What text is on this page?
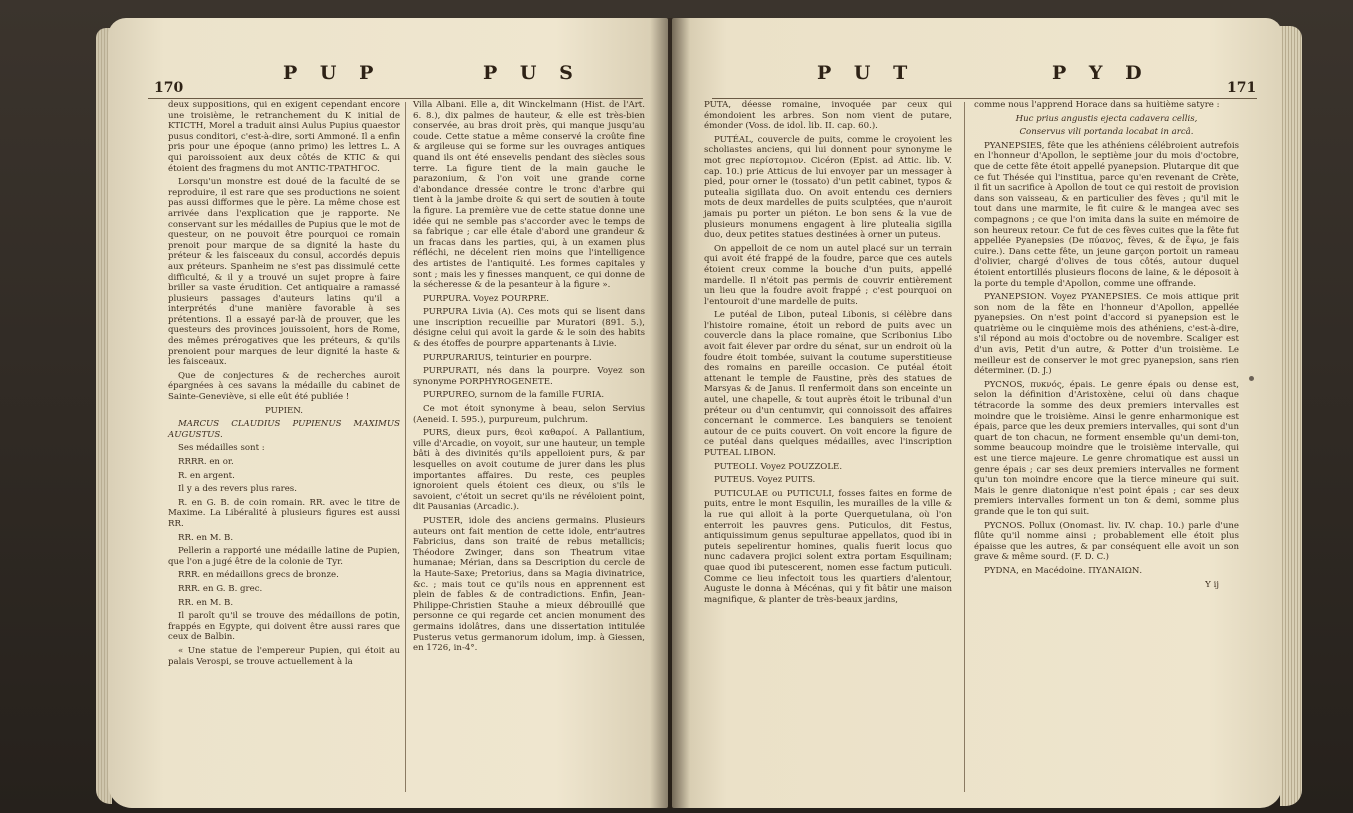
170
P U P	P U S

deux suppositions, qui en exigent cependant encore une troisième, le retranchement du K initial de KTICTH, Morel a traduit ainsi Aulus Pupius quaestor pusus conditori, c'est-à-dire, sorti Ammoné. Il a enfin pris pour une époque (anno primo) les lettres L. A qui paroissoient aux deux côtés de KTIC & qui étoient des fragmens du mot ANTIC-TPATHΓOC.

Lorsqu'un monstre est doué de la faculté de se reproduire, il est rare que ses productions ne soient pas aussi difformes que le père. La même chose est arrivée dans l'explication que je rapporte. Ne conservant sur les médailles de Pupius que le mot de questeur, on ne pouvoit être pourquoi ce romain prenoit pour marque de sa dignité la haste du préteur & les faisceaux du consul, accordés depuis aux préteurs. Spanheim ne s'est pas dissimulé cette difficulté, & il y a trouvé un sujet propre à faire briller sa vaste érudition. Cet antiquaire a ramassé plusieurs passages d'auteurs latins qu'il a interprétés d'une manière favorable à ses prétentions. Il a essayé par-là de prouver, que les questeurs des provinces jouissoient, hors de Rome, des mêmes prérogatives que les préteurs, & qu'ils prenoient pour marques de leur dignité la haste & les faisceaux.

Que de conjectures & de recherches auroit épargnées à ces savans la médaille du cabinet de Sainte-Geneviève, si elle eût été publiée !

PUPIEN.

MARCUS CLAUDIUS PUPIENUS MAXIMUS AUGUSTUS.

Ses médailles sont :

RRRR. en or.

R. en argent.

Il y a des revers plus rares.

R. en G. B. de coin romain. RR. avec le titre de Maxime. La Libéralité à plusieurs figures est aussi RR.

RR. en M. B.

Pellerin a rapporté une médaille latine de Pupien, que l'on a jugé être de la colonie de Tyr.

RRR. en médaillons grecs de bronze.

RRR. en G. B. grec.

RR. en M. B.

Il paroît qu'il se trouve des médaillons de potin, frappés en Egypte, qui doivent être aussi rares que ceux de Balbin.

« Une statue de l'empereur Pupien, qui étoit au palais Verospi, se trouve actuellement à la

Villa Albani. Elle a, dit Winckelmann (Hist. de l'Art. 6. 8.), dix palmes de hauteur, & elle est très-bien conservée, au bras droit près, qui manque jusqu'au coude. Cette statue a même conservé la croûte fine & argileuse qui se forme sur les ouvrages antiques quand ils ont été ensevelis pendant des siècles sous terre. La figure tient de la main gauche le parazonium, & l'on voit une grande corne d'abondance dressée contre le tronc d'arbre qui tient à la jambe droite & qui sert de soutien à toute la figure. La première vue de cette statue donne une idée qui ne semble pas s'accorder avec le temps de sa fabrique ; car elle étale d'abord une grandeur & un fracas dans les parties, qui, à un examen plus réfléchi, ne décelent rien moins que l'intelligence des artistes de l'antiquité. Les formes capitales y sont ; mais les y finesses manquent, ce qui donne de la sécheresse & de la pesanteur à la figure ».

PURPURA. Voyez POURPRE.

PURPURA Livia (A). Ces mots qui se lisent dans une inscription recueillie par Muratori (891. 5.), désigne celui qui avoit la garde & le soin des habits & des étoffes de pourpre appartenants à Livie.

PURPURARIUS, teinturier en pourpre.

PURPURATI, nés dans la pourpre. Voyez son synonyme PORPHYROGENETE.

PURPUREO, surnom de la famille FURIA.

Ce mot étoit synonyme à beau, selon Servius (Aeneid. I. 595.), purpureum, pulchrum.

PURS, dieux purs, θεοὶ καθαροί. A Pallantium, ville d'Arcadie, on voyoit, sur une hauteur, un temple bâti à des divinités qu'ils appelloient purs, & par lesquelles on avoit coutume de jurer dans les plus importantes affaires. Du reste, ces peuples ignoroient quels étoient ces dieux, ou s'ils le savoient, c'étoit un secret qu'ils ne révéloient point, dit Pausanias (Arcadic.).

PUSTER, idole des anciens germains. Plusieurs auteurs ont fait mention de cette idole, entr'autres Fabricius, dans son traité de rebus metallicis; Théodore Zwinger, dans son Theatrum vitae humanae; Mérian, dans sa Description du cercle de la Haute-Saxe; Pretorius, dans sa Magia divinatrice, &c. ; mais tout ce qu'ils nous en apprennent est plein de fables & de contradictions. Enfin, Jean-Philippe-Christien Stauhe a mieux débrouillé que personne ce qui regarde cet ancien monument des germains idolâtres, dans une dissertation intitulée Pusterus vetus germanorum idolum, imp. à Giessen, en 1726, in-4°.

P U T	P Y D
171

PUTA, déesse romaine, invoquée par ceux qui émondoient les arbres. Son nom vient de putare, émonder (Voss. de idol. lib. II. cap. 60.).

PUTÉAL, couvercle de puits, comme le croyoient les scholiastes anciens, qui lui donnent pour synonyme le mot grec περίστομιον. Cicéron (Epist. ad Attic. lib. V. cap. 10.) prie Atticus de lui envoyer par un messager à pied, pour orner le (tossato) d'un petit cabinet, typos & putealia sigillata duo. On avoit entendu ces derniers mots de deux mardelles de puits sculptées, que n'auroit jamais pu porter un piéton. Le bon sens & la vue de plusieurs monumens engagent à lire plutealia sigilla duo, deux petites statues destinées à orner un puteus.

On appelloit de ce nom un autel placé sur un terrain qui avoit été frappé de la foudre, parce que ces autels étoient creux comme la bouche d'un puits, appellé mardelle. Il n'étoit pas permis de couvrir entièrement un lieu que la foudre avoit frappé ; c'est pourquoi on l'entouroit d'une mardelle de puits.

Le putéal de Libon, puteal Libonis, si célèbre dans l'histoire romaine, étoit un rebord de puits avec un couvercle dans la place romaine, que Scribonius Libo avoit fait élever par ordre du sénat, sur un endroit où la foudre étoit tombée, suivant la coutume superstitieuse des romains en pareille occasion. Ce putéal étoit attenant le temple de Faustine, près des statues de Marsyas & de Janus. Il renfermoit dans son enceinte un autel, une chapelle, & tout auprès étoit le tribunal d'un préteur ou d'un centumvir, qui connoissoit des affaires concernant le commerce. Les banquiers se tenoient autour de ce puits couvert. On voit encore la figure de ce putéal dans quelques médailles, avec l'inscription PUTEAL LIBON.

PUTEOLI. Voyez POUZZOLE.

PUTEUS. Voyez PUITS.

PUTICULAE ou PUTICULI, fosses faites en forme de puits, entre le mont Esquilin, les murailles de la ville & la rue qui alloit à la porte Querquetulana, où l'on enterroit les pauvres gens. Puticulos, dit Festus, antiquissimum genus sepulturae appellatos, quod ibi in puteis sepelirentur homines, qualis fuerit locus quo nunc cadavera projici solent extra portam Esquilinam; quae quod ibi putescerent, nomen esse factum puticuli. Comme ce lieu infectoit tous les quartiers d'alentour, Auguste le donna à Mécénas, qui y fit bâtir une maison magnifique, & planter de très-beaux jardins,

comme nous l'apprend Horace dans sa huitième satyre :

Huc prius angustis ejecta cadavera cellis,

Conservus vili portanda locabat in arcâ.

PYANEPSIES, fête que les athéniens célébroient autrefois en l'honneur d'Apollon, le septième jour du mois d'octobre, que de cette fête étoit appellé pyanepsion. Plutarque dit que ce fut Thésée qui l'institua, parce qu'en revenant de Crète, il fit un sacrifice à Apollon de tout ce qui restoit de provision dans son vaisseau, & en particulier des fèves ; qu'il mit le tout dans une marmite, le fit cuire & le mangea avec ses compagnons ; ce que l'on imita dans la suite en mémoire de son heureux retour. Ce fut de ces fèves cuites que la fête fut appellée Pyanepsies (De πύανος, fèves, & de ἕψω, je fais cuire.). Dans cette fête, un jeune garçon portoit un rameau d'olivier, chargé d'olives de tous côtés, autour duquel étoient entortillés plusieurs flocons de laine, & le déposoit à la porte du temple d'Apollon, comme une offrande.

PYANEPSION. Voyez PYANEPSIES. Ce mois attique prit son nom de la fête en l'honneur d'Apollon, appellée pyanepsies. On n'est point d'accord si pyanepsion est le quatrième ou le cinquième mois des athéniens, c'est-à-dire, s'il répond au mois d'octobre ou de novembre. Scaliger est d'un avis, Petit d'un autre, & Potter d'un troisième. Le meilleur est de conserver le mot grec pyanepsion, sans rien déterminer. (D. J.)

PYCNOS, πυκνός, épais. Le genre épais ou dense est, selon la définition d'Aristoxène, celui où dans chaque tétracorde la somme des deux premiers intervalles est moindre que le troisième. Ainsi le genre enharmonique est épais, parce que les deux premiers intervalles, qui sont d'un quart de ton chacun, ne forment ensemble qu'un demi-ton, somme beaucoup moindre que le troisième intervalle, qui est une tierce majeure. Le genre chromatique est aussi un genre épais ; car ses deux premiers intervalles ne forment qu'un ton moindre encore que la tierce mineure qui suit. Mais le genre diatonique n'est point épais ; car ses deux premiers intervalles forment un ton & demi, somme plus grande que le ton qui suit.

PYCNOS. Pollux (Onomast. liv. IV. chap. 10.) parle d'une flûte qu'il nomme ainsi ; probablement elle étoit plus épaisse que les autres, & par conséquent elle avoit un son grave & même sourd. (F. D. C.)

PYDNA, en Macédoine. ΠΥΔΝΑΙΩΝ.

Y ij
